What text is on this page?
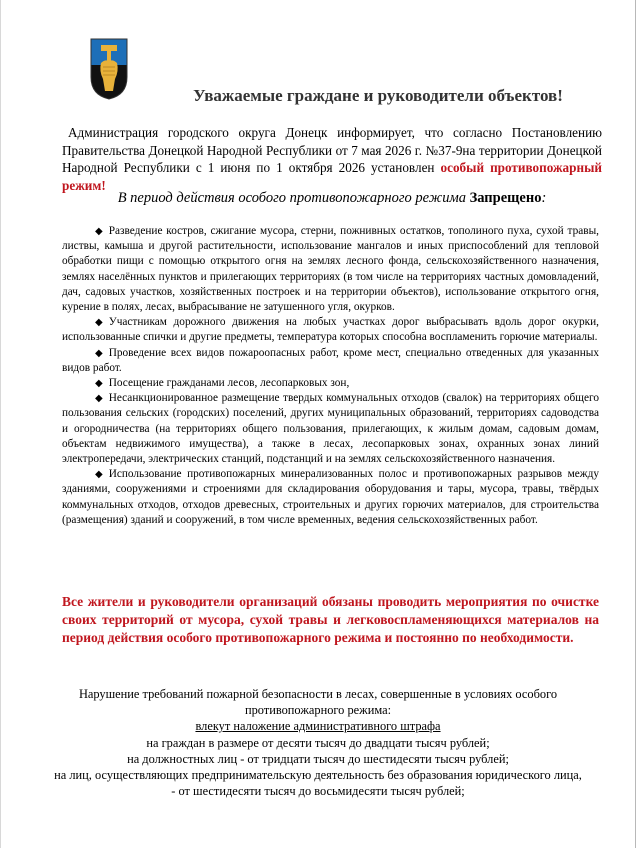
Уважаемые граждане и руководители объектов!
Администрация городского округа Донецк информирует, что согласно Постановлению Правительства Донецкой Народной Республики от 7 мая 2026 г. №37-9на территории Донецкой Народной Республики с 1 июня по 1 октября 2026 установлен особый противопожарный режим!
В период действия особого противопожарного режима Запрещено:

◆ Разведение костров, сжигание мусора, стерни, пожнивных остатков, тополиного пуха, сухой травы, листвы, камыша и другой растительности, использование мангалов и иных приспособлений для тепловой обработки пищи с помощью открытого огня на землях лесного фонда, сельскохозяйственного назначения, землях населённых пунктов и прилегающих территориях (в том числе на территориях частных домовладений, дач, садовых участков, хозяйственных построек и на территории объектов), использование открытого огня, курение в полях, лесах, выбрасывание не затушенного угля, окурков.

◆ Участникам дорожного движения на любых участках дорог выбрасывать вдоль дорог окурки, использованные спички и другие предметы, температура которых способна воспламенить горючие материалы.

◆ Проведение всех видов пожароопасных работ, кроме мест, специально отведенных для указанных видов работ.

◆ Посещение гражданами лесов, лесопарковых зон,

◆ Несанкционированное размещение твердых коммунальных отходов (свалок) на территориях общего пользования сельских (городских) поселений, других муниципальных образований, территориях садоводства и огородничества (на территориях общего пользования, прилегающих, к жилым домам, садовым домам, объектам недвижимого имущества), а также в лесах, лесопарковых зонах, охранных зонах линий электропередачи, электрических станций, подстанций и на землях сельскохозяйственного назначения.

◆ Использование противопожарных минерализованных полос и противопожарных разрывов между зданиями, сооружениями и строениями для складирования оборудования и тары, мусора, травы, твёрдых коммунальных отходов, отходов древесных, строительных и других горючих материалов, для строительства (размещения) зданий и сооружений, в том числе временных, ведения сельскохозяйственных работ.

Все жители и руководители организаций обязаны проводить мероприятия по очистке своих территорий от мусора, сухой травы и легковоспламеняющихся материалов на период действия особого противопожарного режима и постоянно по необходимости.
Нарушение требований пожарной безопасности в лесах, совершенные в условиях особого противопожарного режима:
влекут наложение административного штрафа
на граждан в размере от десяти тысяч до двадцати тысяч рублей;
на должностных лиц - от тридцати тысяч до шестидесяти тысяч рублей;
на лиц, осуществляющих предпринимательскую деятельность без образования юридического лица,
- от шестидесяти тысяч до восьмидесяти тысяч рублей;
